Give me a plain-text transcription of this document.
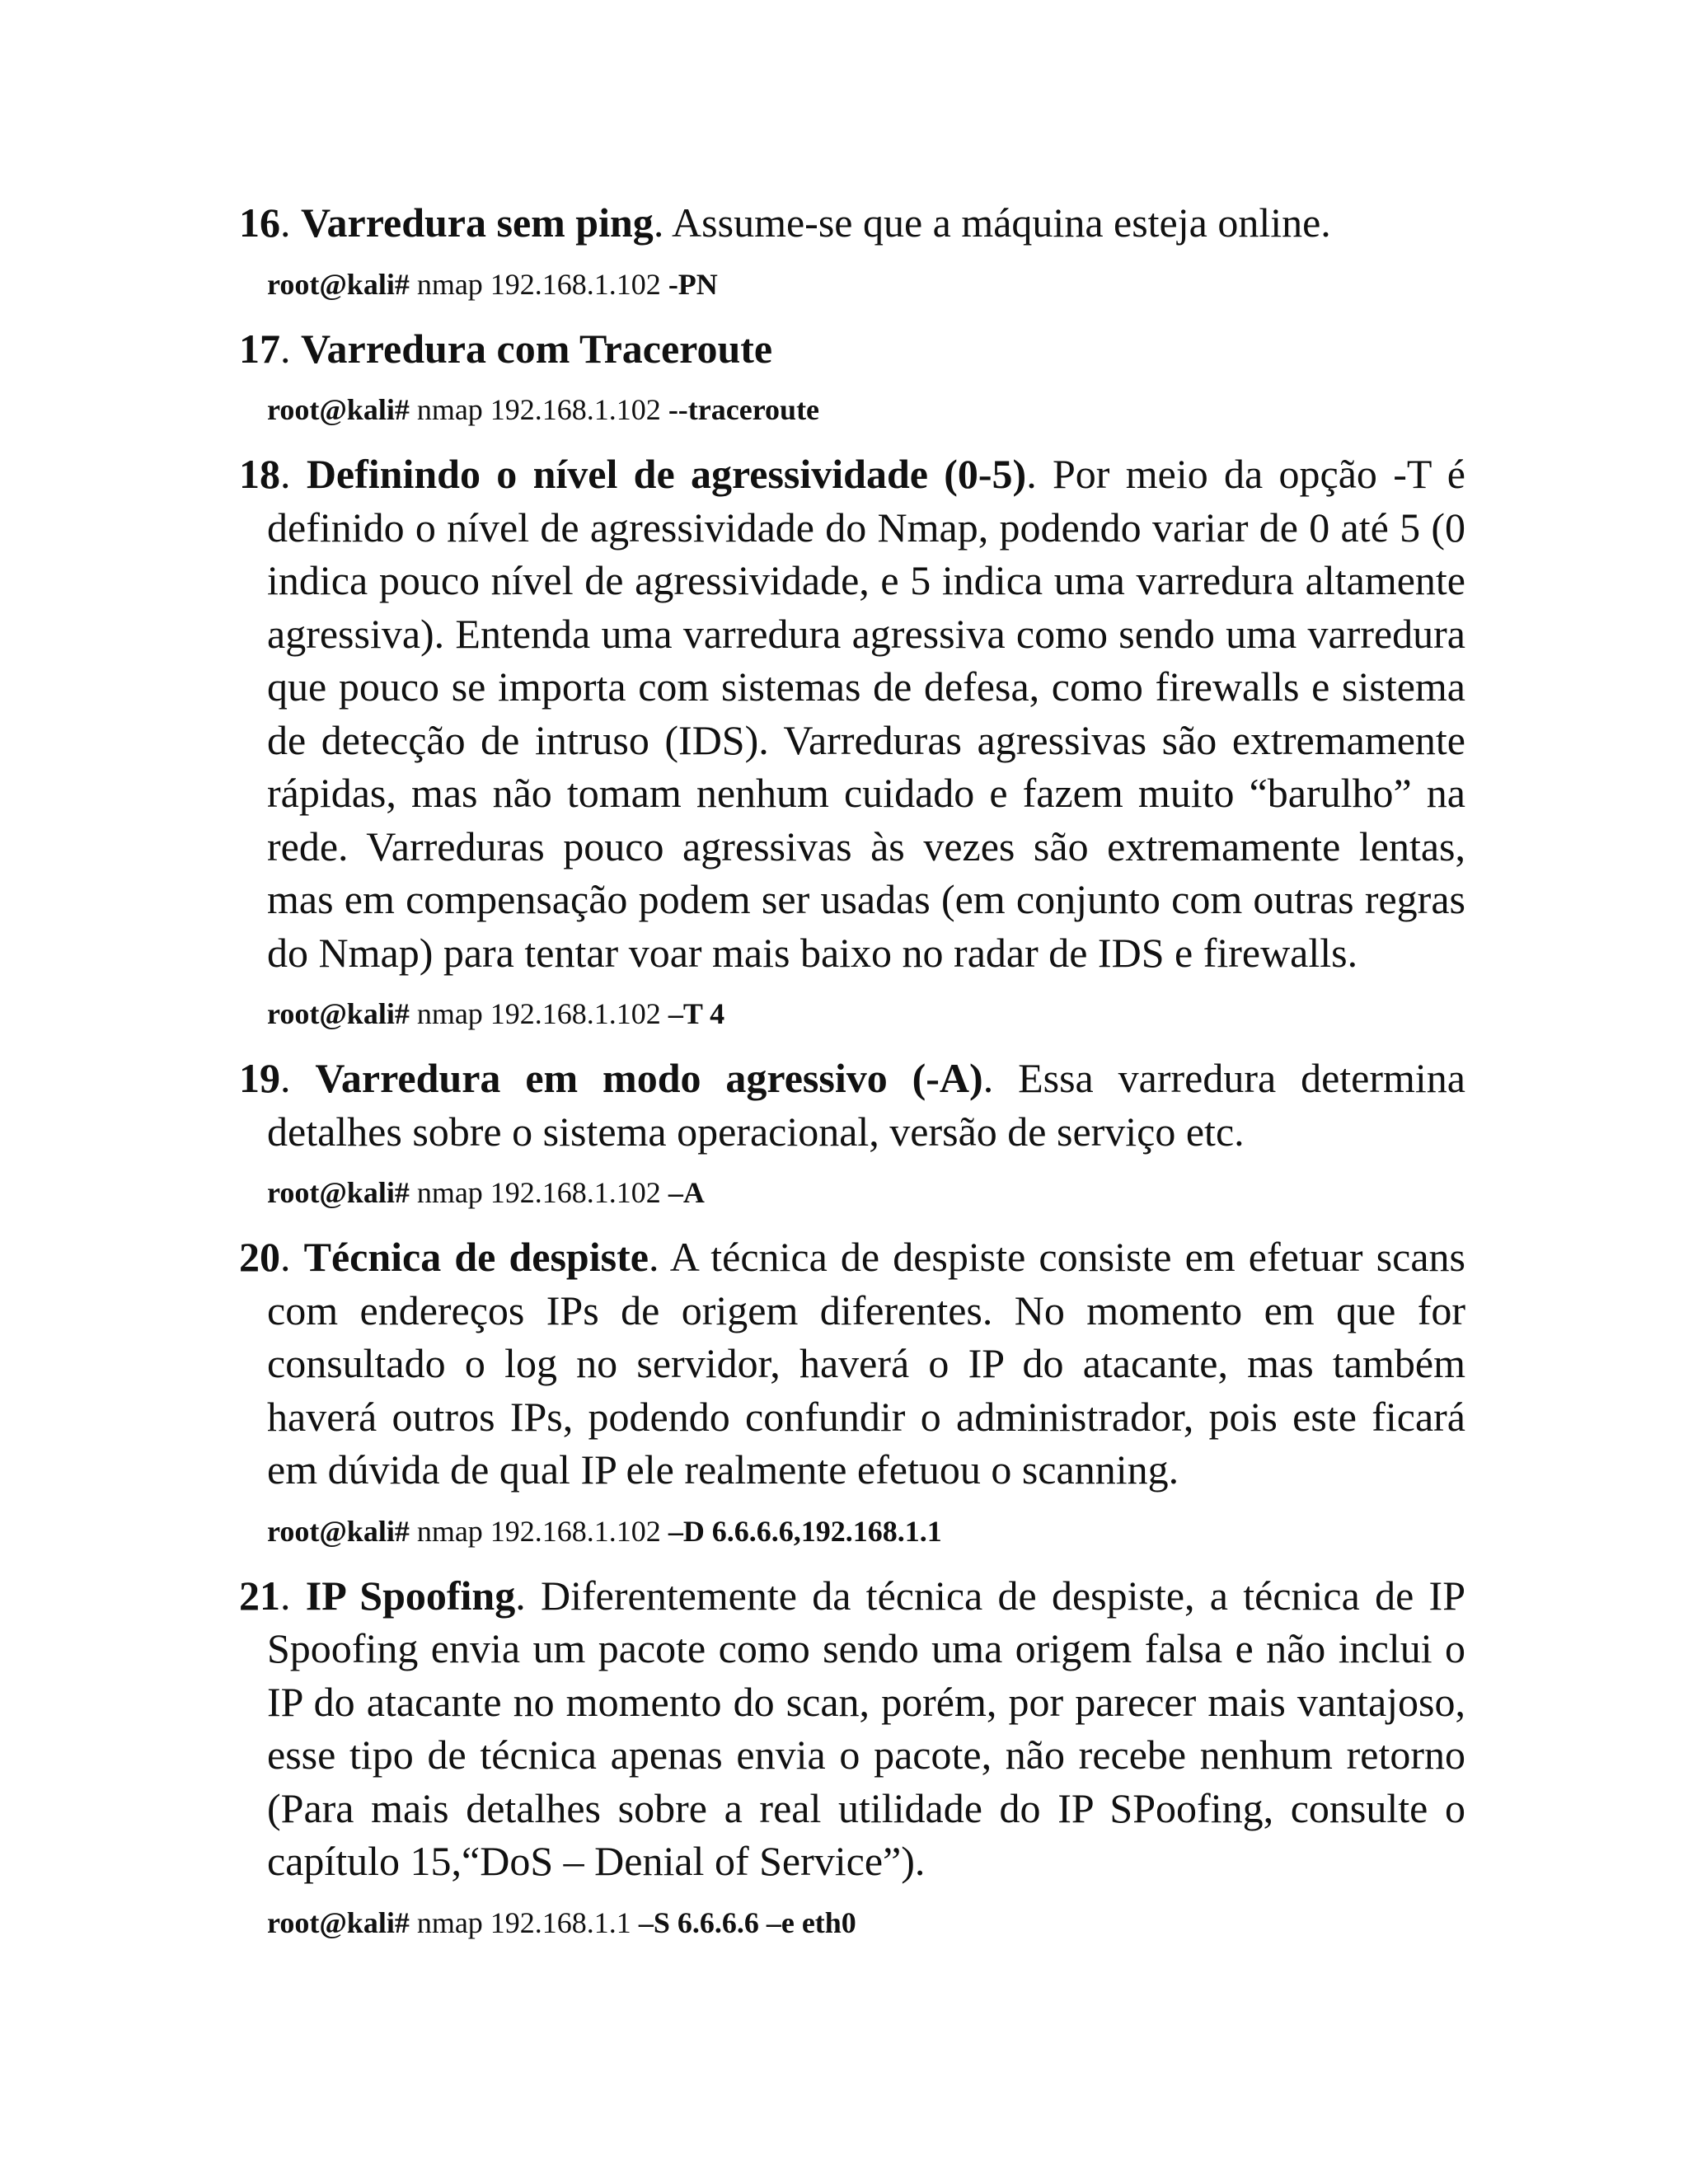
16. Varredura sem ping. Assume-se que a máquina esteja online.

root@kali# nmap 192.168.1.102 -PN

17. Varredura com Traceroute

root@kali# nmap 192.168.1.102 --traceroute

18. Definindo o nível de agressividade (0-5). Por meio da opção -T é definido o nível de agressividade do Nmap, podendo variar de 0 até 5 (0 indica pouco nível de agressividade, e 5 indica uma varredura altamente agressiva). Entenda uma varredura agressiva como sendo uma varredura que pouco se importa com sistemas de defesa, como firewalls e sistema de detecção de intruso (IDS). Varreduras agressivas são extremamente rápidas, mas não tomam nenhum cuidado e fazem muito “barulho” na rede. Varreduras pouco agressivas às vezes são extremamente lentas, mas em compensação podem ser usadas (em conjunto com outras regras do Nmap) para tentar voar mais baixo no radar de IDS e firewalls.

root@kali# nmap 192.168.1.102 –T 4

19. Varredura em modo agressivo (-A). Essa varredura determina detalhes sobre o sistema operacional, versão de serviço etc.

root@kali# nmap 192.168.1.102 –A

20. Técnica de despiste. A técnica de despiste consiste em efetuar scans com endereços IPs de origem diferentes. No momento em que for consultado o log no servidor, haverá o IP do atacante, mas também haverá outros IPs, podendo confundir o administrador, pois este ficará em dúvida de qual IP ele realmente efetuou o scanning.

root@kali# nmap 192.168.1.102 –D 6.6.6.6,192.168.1.1

21. IP Spoofing. Diferentemente da técnica de despiste, a técnica de IP Spoofing envia um pacote como sendo uma origem falsa e não inclui o IP do atacante no momento do scan, porém, por parecer mais vantajoso, esse tipo de técnica apenas envia o pacote, não recebe nenhum retorno (Para mais detalhes sobre a real utilidade do IP SPoofing, consulte o capítulo 15,“DoS – Denial of Service”).

root@kali# nmap 192.168.1.1 –S 6.6.6.6 –e eth0
